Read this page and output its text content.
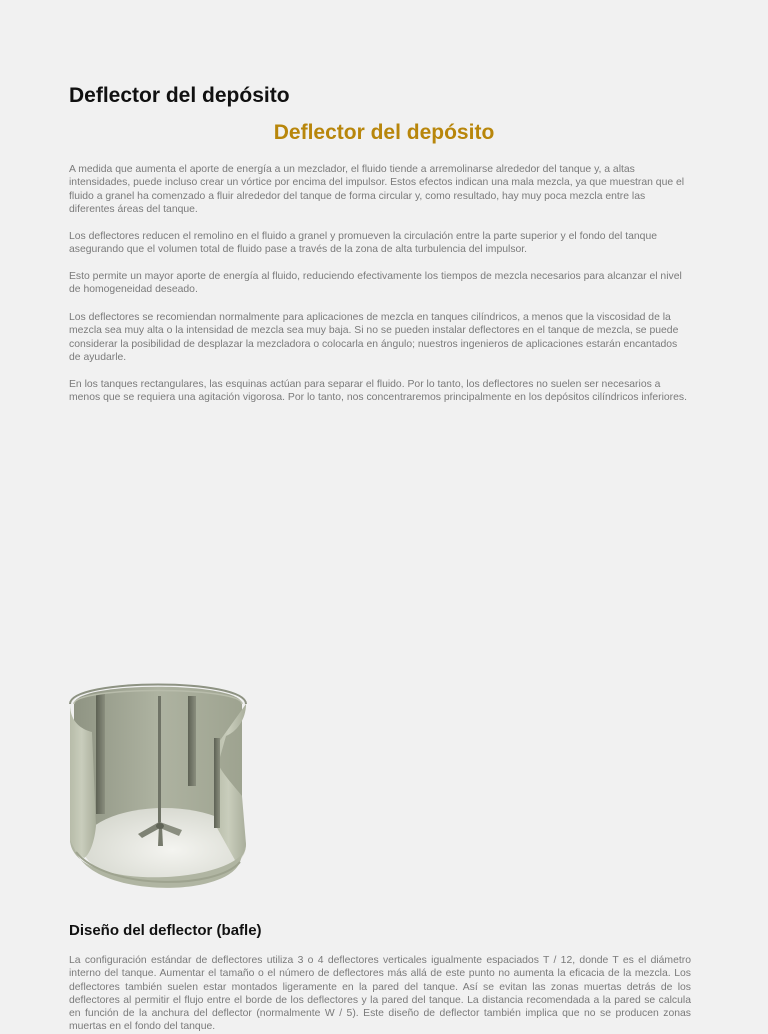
Deflector del depósito
Deflector del depósito

A medida que aumenta el aporte de energía a un mezclador, el fluido tiende a arremolinarse alrededor del tanque y, a altas intensidades, puede incluso crear un vórtice por encima del impulsor. Estos efectos indican una mala mezcla, ya que muestran que el fluido a granel ha comenzado a fluir alrededor del tanque de forma circular y, como resultado, hay muy poca mezcla entre las diferentes áreas del tanque.

Los deflectores reducen el remolino en el fluido a granel y promueven la circulación entre la parte superior y el fondo del tanque asegurando que el volumen total de fluido pase a través de la zona de alta turbulencia del impulsor.

Esto permite un mayor aporte de energía al fluido, reduciendo efectivamente los tiempos de mezcla necesarios para alcanzar el nivel de homogeneidad deseado.

Los deflectores se recomiendan normalmente para aplicaciones de mezcla en tanques cilíndricos, a menos que la viscosidad de la mezcla sea muy alta o la intensidad de mezcla sea muy baja. Si no se pueden instalar deflectores en el tanque de mezcla, se puede considerar la posibilidad de desplazar la mezcladora o colocarla en ángulo; nuestros ingenieros de aplicaciones estarán encantados de ayudarle.

En los tanques rectangulares, las esquinas actúan para separar el fluido. Por lo tanto, los deflectores no suelen ser necesarios a menos que se requiera una agitación vigorosa. Por lo tanto, nos concentraremos principalmente en los depósitos cilíndricos inferiores.

Diseño del deflector (bafle)

La configuración estándar de deflectores utiliza 3 o 4 deflectores verticales igualmente espaciados T / 12, donde T es el diámetro interno del tanque. Aumentar el tamaño o el número de deflectores más allá de este punto no aumenta la eficacia de la mezcla. Los deflectores también suelen estar montados ligeramente en la pared del tanque. Así se evitan las zonas muertas detrás de los deflectores al permitir el flujo entre el borde de los deflectores y la pared del tanque. La distancia recomendada a la pared se calcula en función de la anchura del deflector (normalmente W / 5). Este diseño de deflector también implica que no se producen zonas muertas en el fondo del tanque.
